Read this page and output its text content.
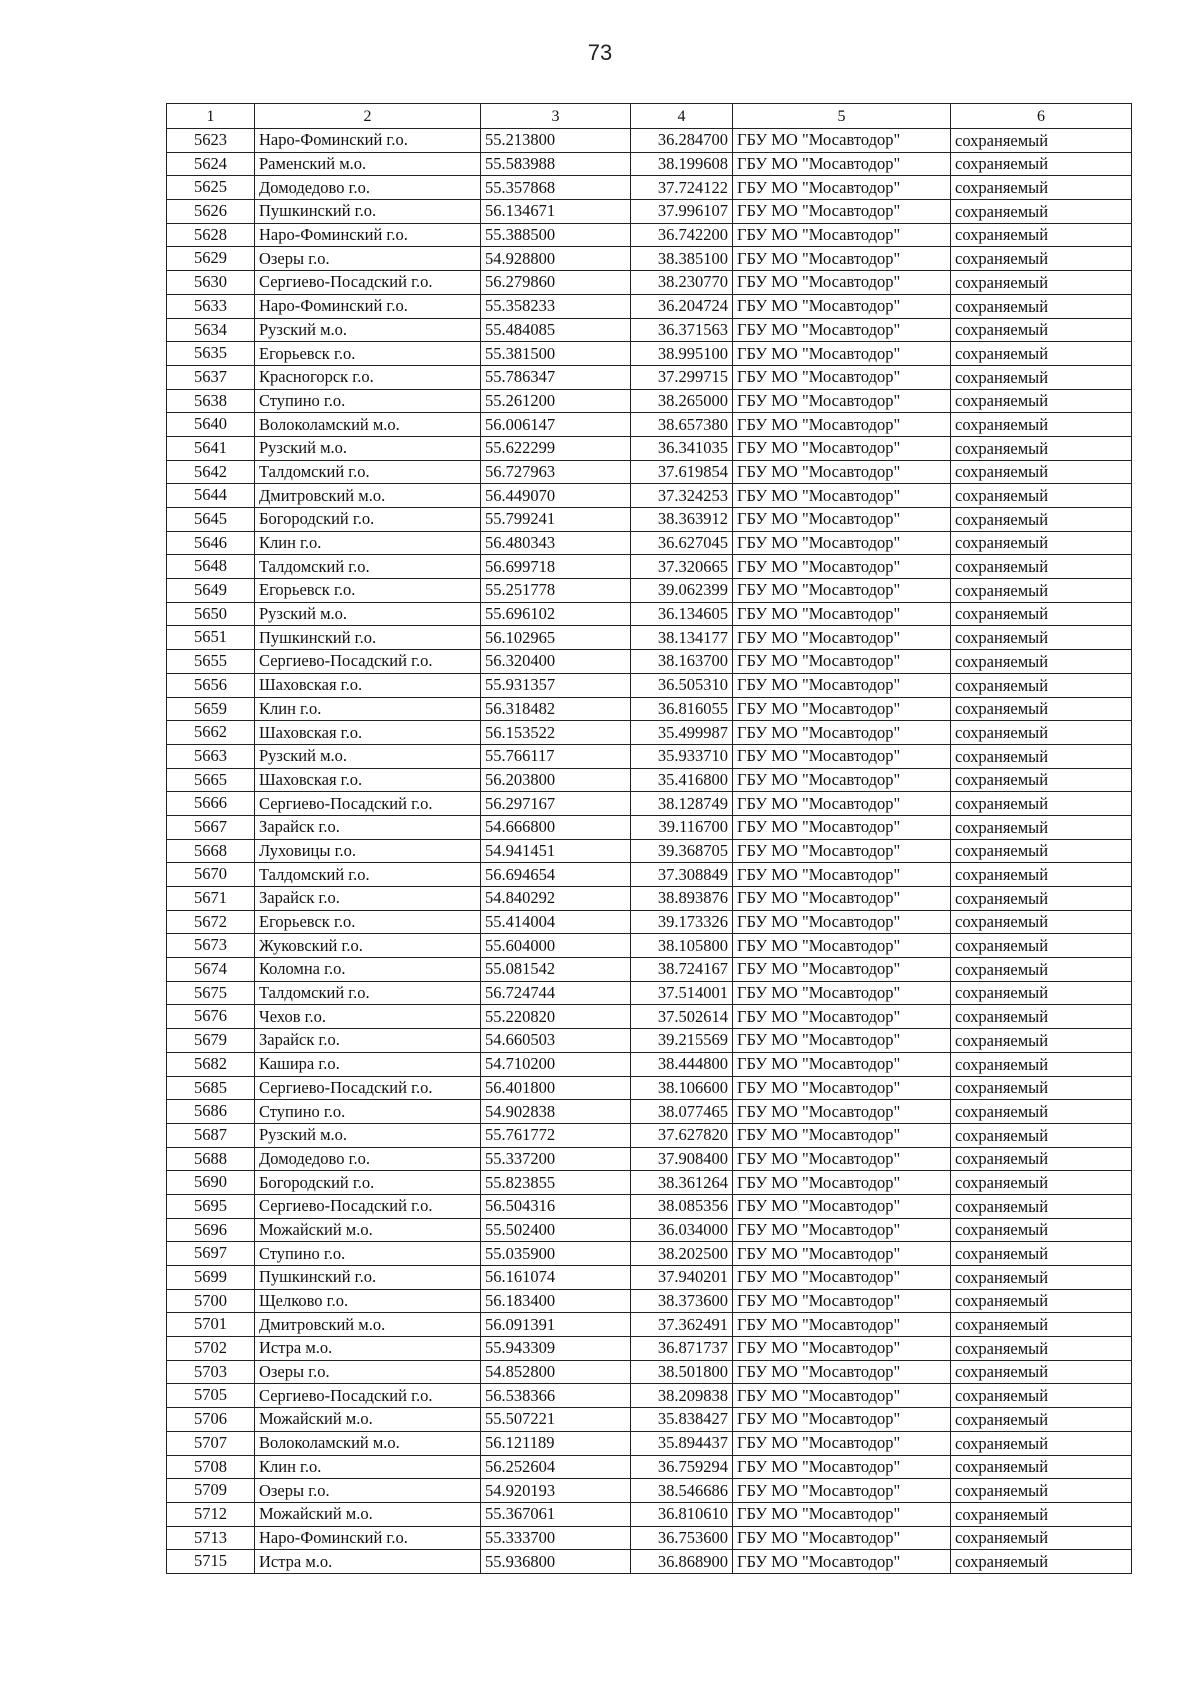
73
1	2	3	4	5	6
5623	Наро-Фоминский г.о.	55.213800	36.284700	ГБУ МО "Мосавтодор"	сохраняемый
5624	Раменский м.о.	55.583988	38.199608	ГБУ МО "Мосавтодор"	сохраняемый
5625	Домодедово г.о.	55.357868	37.724122	ГБУ МО "Мосавтодор"	сохраняемый
5626	Пушкинский г.о.	56.134671	37.996107	ГБУ МО "Мосавтодор"	сохраняемый
5628	Наро-Фоминский г.о.	55.388500	36.742200	ГБУ МО "Мосавтодор"	сохраняемый
5629	Озеры г.о.	54.928800	38.385100	ГБУ МО "Мосавтодор"	сохраняемый
5630	Сергиево-Посадский г.о.	56.279860	38.230770	ГБУ МО "Мосавтодор"	сохраняемый
5633	Наро-Фоминский г.о.	55.358233	36.204724	ГБУ МО "Мосавтодор"	сохраняемый
5634	Рузский м.о.	55.484085	36.371563	ГБУ МО "Мосавтодор"	сохраняемый
5635	Егорьевск г.о.	55.381500	38.995100	ГБУ МО "Мосавтодор"	сохраняемый
5637	Красногорск г.о.	55.786347	37.299715	ГБУ МО "Мосавтодор"	сохраняемый
5638	Ступино г.о.	55.261200	38.265000	ГБУ МО "Мосавтодор"	сохраняемый
5640	Волоколамский м.о.	56.006147	38.657380	ГБУ МО "Мосавтодор"	сохраняемый
5641	Рузский м.о.	55.622299	36.341035	ГБУ МО "Мосавтодор"	сохраняемый
5642	Талдомский г.о.	56.727963	37.619854	ГБУ МО "Мосавтодор"	сохраняемый
5644	Дмитровский м.о.	56.449070	37.324253	ГБУ МО "Мосавтодор"	сохраняемый
5645	Богородский г.о.	55.799241	38.363912	ГБУ МО "Мосавтодор"	сохраняемый
5646	Клин г.о.	56.480343	36.627045	ГБУ МО "Мосавтодор"	сохраняемый
5648	Талдомский г.о.	56.699718	37.320665	ГБУ МО "Мосавтодор"	сохраняемый
5649	Егорьевск г.о.	55.251778	39.062399	ГБУ МО "Мосавтодор"	сохраняемый
5650	Рузский м.о.	55.696102	36.134605	ГБУ МО "Мосавтодор"	сохраняемый
5651	Пушкинский г.о.	56.102965	38.134177	ГБУ МО "Мосавтодор"	сохраняемый
5655	Сергиево-Посадский г.о.	56.320400	38.163700	ГБУ МО "Мосавтодор"	сохраняемый
5656	Шаховская г.о.	55.931357	36.505310	ГБУ МО "Мосавтодор"	сохраняемый
5659	Клин г.о.	56.318482	36.816055	ГБУ МО "Мосавтодор"	сохраняемый
5662	Шаховская г.о.	56.153522	35.499987	ГБУ МО "Мосавтодор"	сохраняемый
5663	Рузский м.о.	55.766117	35.933710	ГБУ МО "Мосавтодор"	сохраняемый
5665	Шаховская г.о.	56.203800	35.416800	ГБУ МО "Мосавтодор"	сохраняемый
5666	Сергиево-Посадский г.о.	56.297167	38.128749	ГБУ МО "Мосавтодор"	сохраняемый
5667	Зарайск г.о.	54.666800	39.116700	ГБУ МО "Мосавтодор"	сохраняемый
5668	Луховицы г.о.	54.941451	39.368705	ГБУ МО "Мосавтодор"	сохраняемый
5670	Талдомский г.о.	56.694654	37.308849	ГБУ МО "Мосавтодор"	сохраняемый
5671	Зарайск г.о.	54.840292	38.893876	ГБУ МО "Мосавтодор"	сохраняемый
5672	Егорьевск г.о.	55.414004	39.173326	ГБУ МО "Мосавтодор"	сохраняемый
5673	Жуковский г.о.	55.604000	38.105800	ГБУ МО "Мосавтодор"	сохраняемый
5674	Коломна г.о.	55.081542	38.724167	ГБУ МО "Мосавтодор"	сохраняемый
5675	Талдомский г.о.	56.724744	37.514001	ГБУ МО "Мосавтодор"	сохраняемый
5676	Чехов г.о.	55.220820	37.502614	ГБУ МО "Мосавтодор"	сохраняемый
5679	Зарайск г.о.	54.660503	39.215569	ГБУ МО "Мосавтодор"	сохраняемый
5682	Кашира г.о.	54.710200	38.444800	ГБУ МО "Мосавтодор"	сохраняемый
5685	Сергиево-Посадский г.о.	56.401800	38.106600	ГБУ МО "Мосавтодор"	сохраняемый
5686	Ступино г.о.	54.902838	38.077465	ГБУ МО "Мосавтодор"	сохраняемый
5687	Рузский м.о.	55.761772	37.627820	ГБУ МО "Мосавтодор"	сохраняемый
5688	Домодедово г.о.	55.337200	37.908400	ГБУ МО "Мосавтодор"	сохраняемый
5690	Богородский г.о.	55.823855	38.361264	ГБУ МО "Мосавтодор"	сохраняемый
5695	Сергиево-Посадский г.о.	56.504316	38.085356	ГБУ МО "Мосавтодор"	сохраняемый
5696	Можайский м.о.	55.502400	36.034000	ГБУ МО "Мосавтодор"	сохраняемый
5697	Ступино г.о.	55.035900	38.202500	ГБУ МО "Мосавтодор"	сохраняемый
5699	Пушкинский г.о.	56.161074	37.940201	ГБУ МО "Мосавтодор"	сохраняемый
5700	Щелково г.о.	56.183400	38.373600	ГБУ МО "Мосавтодор"	сохраняемый
5701	Дмитровский м.о.	56.091391	37.362491	ГБУ МО "Мосавтодор"	сохраняемый
5702	Истра м.о.	55.943309	36.871737	ГБУ МО "Мосавтодор"	сохраняемый
5703	Озеры г.о.	54.852800	38.501800	ГБУ МО "Мосавтодор"	сохраняемый
5705	Сергиево-Посадский г.о.	56.538366	38.209838	ГБУ МО "Мосавтодор"	сохраняемый
5706	Можайский м.о.	55.507221	35.838427	ГБУ МО "Мосавтодор"	сохраняемый
5707	Волоколамский м.о.	56.121189	35.894437	ГБУ МО "Мосавтодор"	сохраняемый
5708	Клин г.о.	56.252604	36.759294	ГБУ МО "Мосавтодор"	сохраняемый
5709	Озеры г.о.	54.920193	38.546686	ГБУ МО "Мосавтодор"	сохраняемый
5712	Можайский м.о.	55.367061	36.810610	ГБУ МО "Мосавтодор"	сохраняемый
5713	Наро-Фоминский г.о.	55.333700	36.753600	ГБУ МО "Мосавтодор"	сохраняемый
5715	Истра м.о.	55.936800	36.868900	ГБУ МО "Мосавтодор"	сохраняемый
